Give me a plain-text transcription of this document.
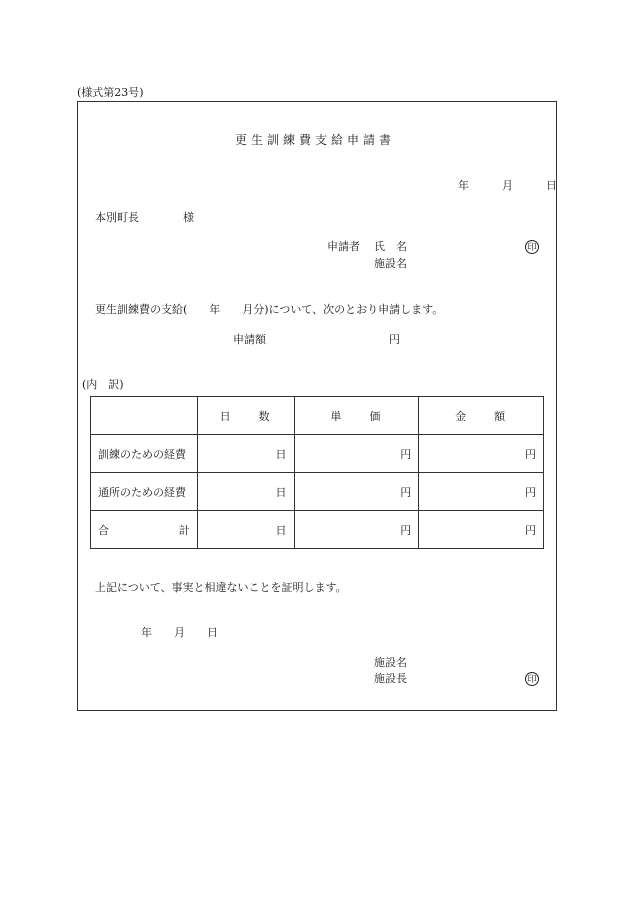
(様式第23号)
更生訓練費支給申請書
年	月	日
本別町長　　　　様
申請者 氏　名
施設名
印
更生訓練費の支給(　　年　　月分)について、次のとおり申請します。
申請額	円
(内　訳)
	日　　数	単　　価	金　　額
訓練のための経費	日	円	円
通所のための経費	日	円	円

合 計	日	円	円
上記について、事実と相違ないことを証明します。
年　　月　　日
施設名
施設長	印
